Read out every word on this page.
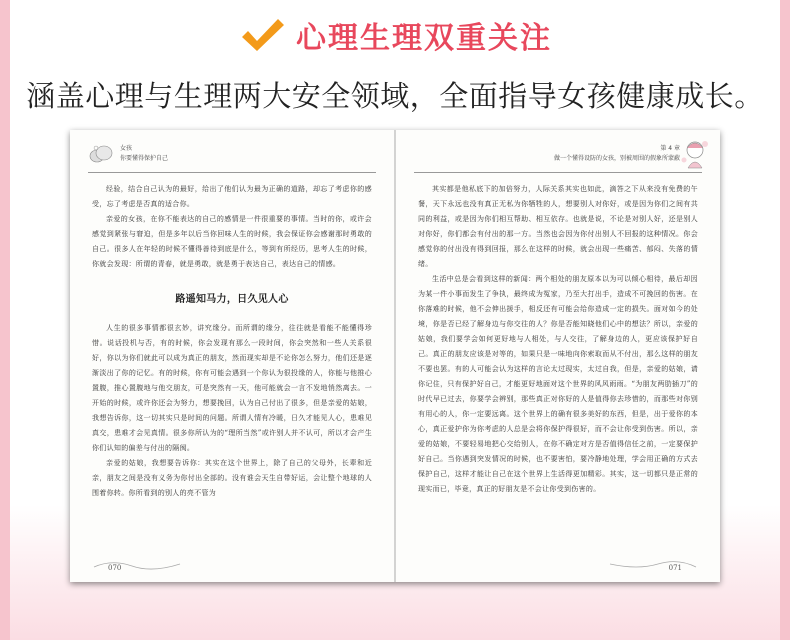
心理生理双重关注
涵盖心理与生理两大安全领域，全面指导女孩健康成长。
女孩
你要懂得保护自己

经验，结合自己认为的最好，给出了他们认为最为正确的道路，却忘了考虑你的感受，忘了考虑是否真的适合你。

亲爱的女孩，在你不能表达的自己的感情是一件很重要的事情。当时的你，或许会感觉到紧张与窘迫，但是多年以后当你回味人生的时候，我会保证你会感谢那时勇敢的自己。很多人在年轻的时候不懂得善待到底是什么，等到有所经历，思考人生的时候，你就会发现：所谓的青春，就是勇敢，就是勇于表达自己，表达自己的情感。

路遥知马力，日久见人心

人生的很多事情都很玄妙，讲究缘分。而所谓的缘分，往往就是看能不能懂得珍惜。说话投机与否，有的时候，你会发现有那么一段时间，你会突然和一些人关系很好，你以为你们就此可以成为真正的朋友，然而现实却是不论你怎么努力，他们还是逐渐淡出了你的记忆。有的时候，你有可能会遇到一个你认为很投缘的人，你能与他推心置腹，推心置腹地与他交朋友，可是突然有一天，他可能就会一言不发地悄然离去。一开始的时候，或许你还会为努力，想要挽回，认为自己付出了很多，但是亲爱的姑娘，我想告诉你，这一切其实只是时间的问题。所谓人情有冷暖，日久才能见人心，患难见真交，患难才会见真情。很多你所认为的“理所当然”或许别人并不认可，所以才会产生你们认知的偏差与付出的隔阂。

亲爱的姑娘，我想要告诉你：其实在这个世界上，除了自己的父母外，长辈和近亲，朋友之间是没有义务为你付出全部的。没有谁会天生自带好运，会让整个地球的人围着你转。你所看到的别人的亮不管为

070
第 4 章
做一个懂得设防的女孩，别被周围的假象所蒙蔽

其实都是他私底下的加倍努力，人际关系其实也如此，滴答之下从来没有免费的午餐，天下永远也没有真正无私为你牺牲的人，想要别人对你好，或是因为你们之间有共同的利益，或是因为你们相互帮助、相互依存。也就是说，不论是对别人好，还是别人对你好，你们都会有付出的那一方。当然也会因为你付出别人不回报的这种情况。你会感觉你的付出没有得到回报，那么在这样的时候，就会出现一些痛苦、郁闷、失落的情绪。

生活中总是会看到这样的新闻：两个相处的朋友原本以为可以倾心相待，最后却因为某一件小事而发生了争执，最终成为冤家，乃至大打出手，造成不可挽回的伤害。在你落难的时候，他不会伸出援手，相反还有可能会给你造成一定的损失。面对如今的处境，你是否已经了解身边与你交往的人？你是否能知晓他们心中的想法？所以，亲爱的姑娘，我们要学会如何更好地与人相处，与人交往，了解身边的人，更应该保护好自己。真正的朋友应该是对等的，如果只是一味地向你索取而从不付出，那么这样的朋友不要也罢。有的人可能会认为这样的言论太过现实，太过自我，但是，亲爱的姑娘，请你记住，只有保护好自己，才能更好地面对这个世界的风风雨雨。“为朋友两肋插刀”的时代早已过去，你要学会辨别，那些真正对你好的人是值得你去珍惜的，而那些对你别有用心的人，你一定要远离。这个世界上的确有很多美好的东西，但是，出于爱你的本心，真正爱护你为你考虑的人总是会将你保护得很好，而不会让你受到伤害。所以，亲爱的姑娘，不要轻易地把心交给别人，在你不确定对方是否值得信任之前，一定要保护好自己。当你遇到突发情况的时候，也不要害怕，要冷静地处理，学会用正确的方式去保护自己，这样才能让自己在这个世界上生活得更加精彩。其实，这一切都只是正常的现实而已，毕竟，真正的好朋友是不会让你受到伤害的。

071
